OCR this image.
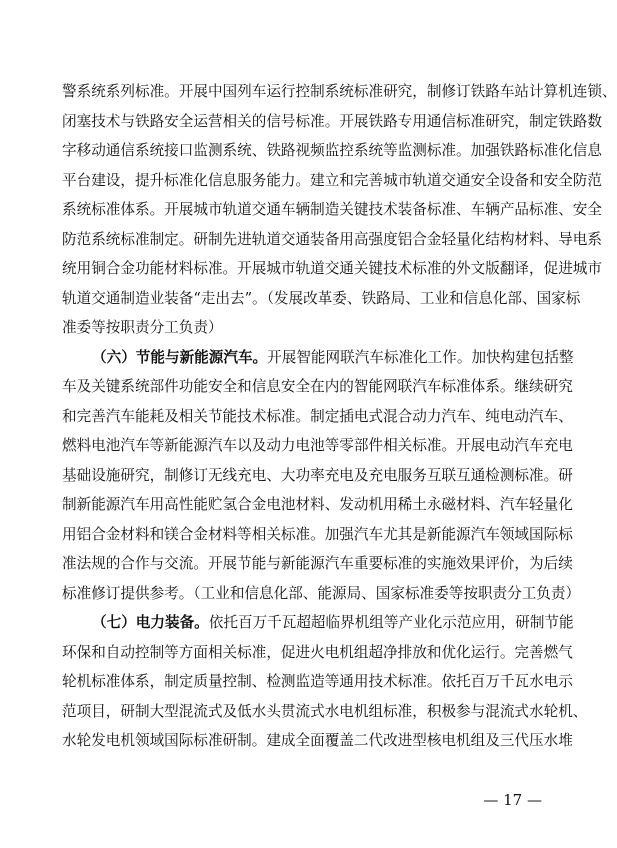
警系统系列标准。开展中国列车运行控制系统标准研究，制修订铁路车站计算机连锁、
闭塞技术与铁路安全运营相关的信号标准。开展铁路专用通信标准研究，制定铁路数
字移动通信系统接口监测系统、铁路视频监控系统等监测标准。加强铁路标准化信息
平台建设，提升标准化信息服务能力。建立和完善城市轨道交通安全设备和安全防范
系统标准体系。开展城市轨道交通车辆制造关键技术装备标准、车辆产品标准、安全
防范系统标准制定。研制先进轨道交通装备用高强度铝合金轻量化结构材料、导电系
统用铜合金功能材料标准。开展城市轨道交通关键技术标准的外文版翻译，促进城市
轨道交通制造业装备“走出去”。（发展改革委、铁路局、工业和信息化部、国家标
准委等按职责分工负责）
（六）节能与新能源汽车。开展智能网联汽车标准化工作。加快构建包括整
车及关键系统部件功能安全和信息安全在内的智能网联汽车标准体系。继续研究
和完善汽车能耗及相关节能技术标准。制定插电式混合动力汽车、纯电动汽车、
燃料电池汽车等新能源汽车以及动力电池等零部件相关标准。开展电动汽车充电
基础设施研究，制修订无线充电、大功率充电及充电服务互联互通检测标准。研
制新能源汽车用高性能贮氢合金电池材料、发动机用稀土永磁材料、汽车轻量化
用铝合金材料和镁合金材料等相关标准。加强汽车尤其是新能源汽车领域国际标
准法规的合作与交流。开展节能与新能源汽车重要标准的实施效果评价，为后续
标准修订提供参考。（工业和信息化部、能源局、国家标准委等按职责分工负责）
（七）电力装备。依托百万千瓦超超临界机组等产业化示范应用，研制节能
环保和自动控制等方面相关标准，促进火电机组超净排放和优化运行。完善燃气
轮机标准体系，制定质量控制、检测监造等通用技术标准。依托百万千瓦水电示
范项目，研制大型混流式及低水头贯流式水电机组标准，积极参与混流式水轮机、
水轮发电机领域国际标准研制。建成全面覆盖二代改进型核电机组及三代压水堆
— 17 —
